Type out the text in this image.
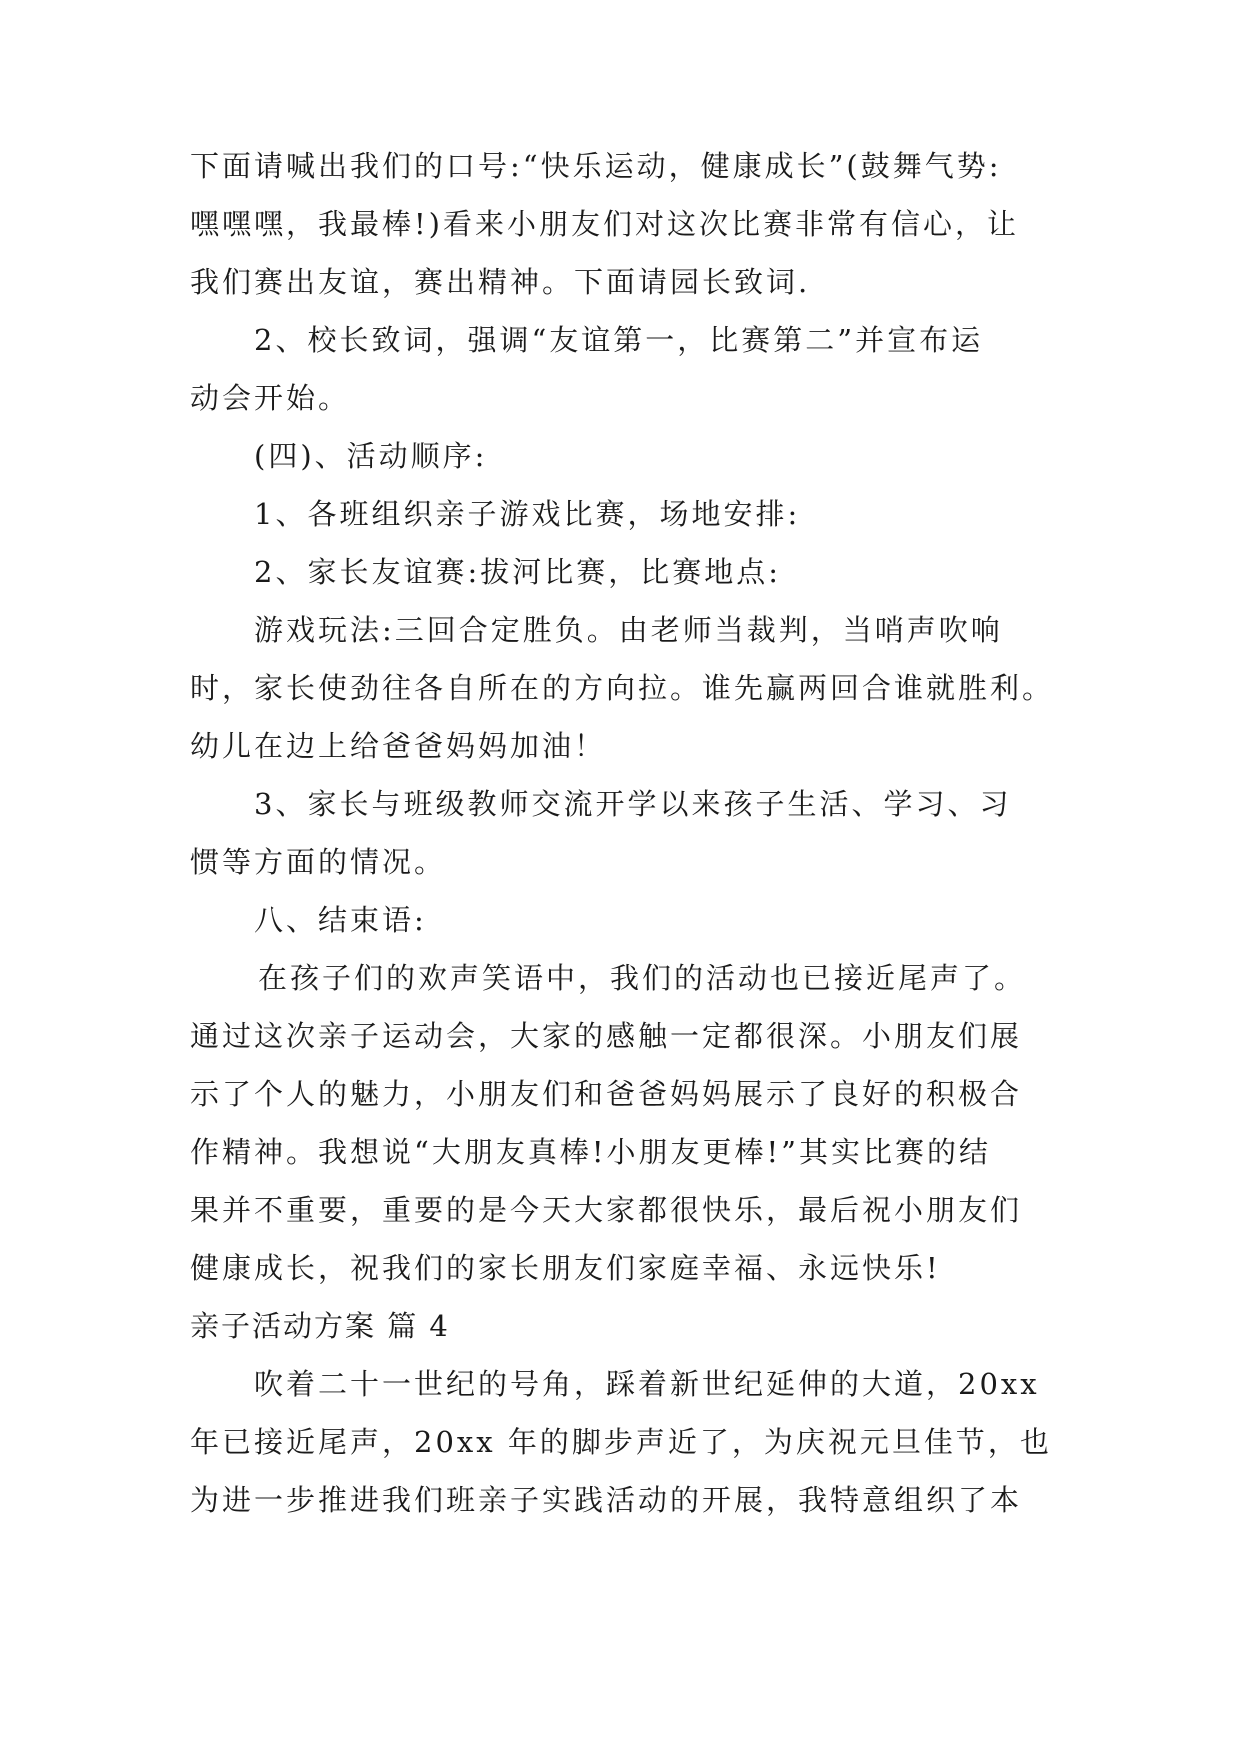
下面请喊出我们的口号:“快乐运动，健康成长”(鼓舞气势:
嘿嘿嘿，我最棒!)看来小朋友们对这次比赛非常有信心，让
我们赛出友谊，赛出精神。下面请园长致词.
2、校长致词，强调“友谊第一，比赛第二”并宣布运
动会开始。
(四)、活动顺序:
1、各班组织亲子游戏比赛，场地安排:
2、家长友谊赛:拔河比赛，比赛地点:
游戏玩法:三回合定胜负。由老师当裁判，当哨声吹响
时，家长使劲往各自所在的方向拉。谁先赢两回合谁就胜利。
幼儿在边上给爸爸妈妈加油！
3、家长与班级教师交流开学以来孩子生活、学习、习
惯等方面的情况。
八、结束语:
在孩子们的欢声笑语中，我们的活动也已接近尾声了。
通过这次亲子运动会，大家的感触一定都很深。小朋友们展
示了个人的魅力，小朋友们和爸爸妈妈展示了良好的积极合
作精神。我想说“大朋友真棒!小朋友更棒!”其实比赛的结
果并不重要，重要的是今天大家都很快乐，最后祝小朋友们
健康成长，祝我们的家长朋友们家庭幸福、永远快乐!
亲子活动方案 篇 4
吹着二十一世纪的号角，踩着新世纪延伸的大道，20xx
年已接近尾声，20xx 年的脚步声近了，为庆祝元旦佳节，也
为进一步推进我们班亲子实践活动的开展，我特意组织了本
